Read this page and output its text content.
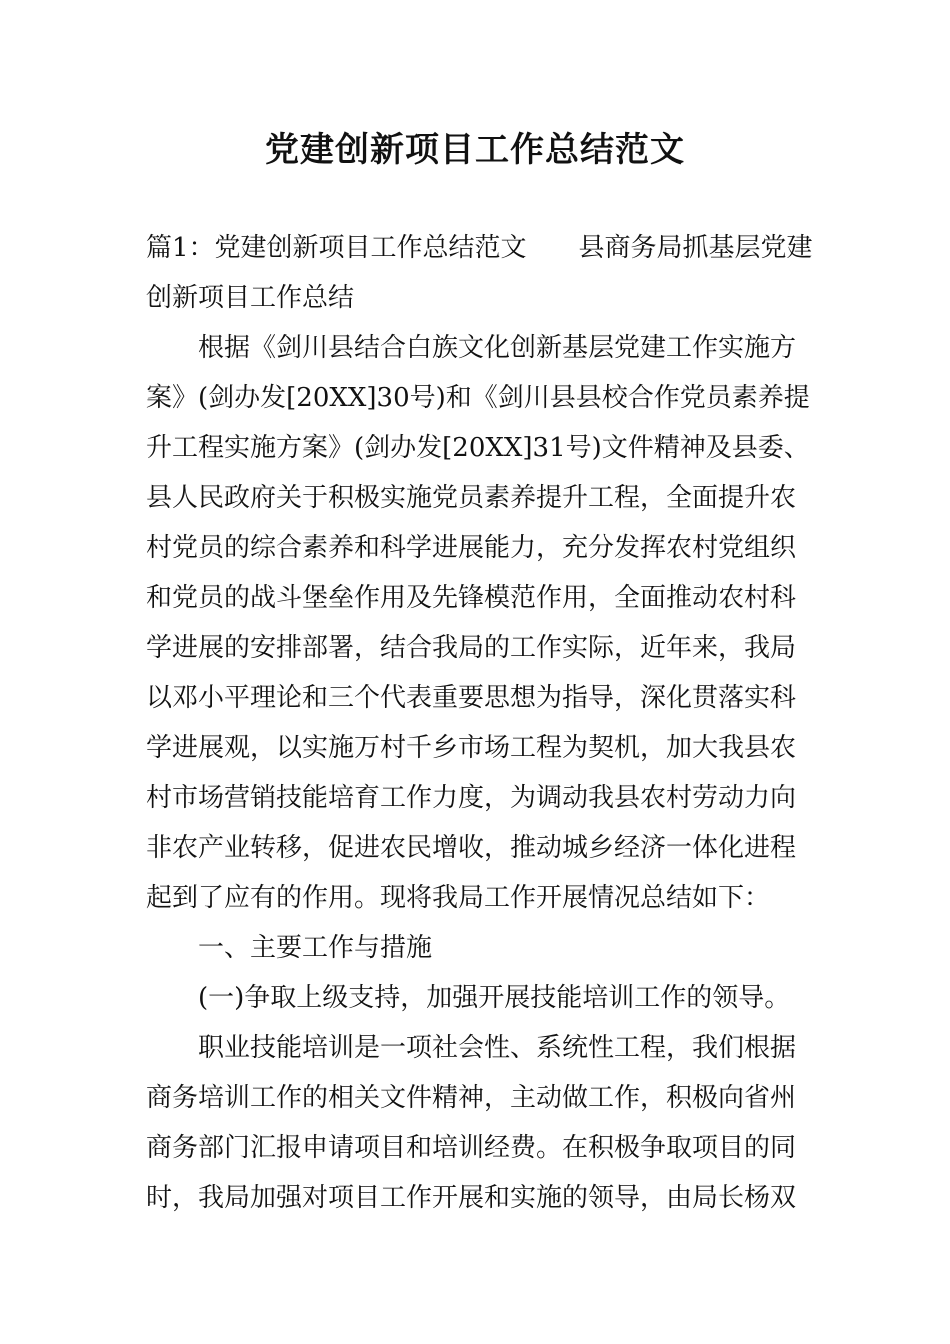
党建创新项目工作总结范文
篇1：党建创新项目工作总结范文　　县商务局抓基层党建
创新项目工作总结
根据《剑川县结合白族文化创新基层党建工作实施方
案》(剑办发[20XX]30号)和《剑川县县校合作党员素养提
升工程实施方案》(剑办发[20XX]31号)文件精神及县委、
县人民政府关于积极实施党员素养提升工程，全面提升农
村党员的综合素养和科学进展能力，充分发挥农村党组织
和党员的战斗堡垒作用及先锋模范作用，全面推动农村科
学进展的安排部署，结合我局的工作实际，近年来，我局
以邓小平理论和三个代表重要思想为指导，深化贯落实科
学进展观，以实施万村千乡市场工程为契机，加大我县农
村市场营销技能培育工作力度，为调动我县农村劳动力向
非农产业转移，促进农民增收，推动城乡经济一体化进程
起到了应有的作用。现将我局工作开展情况总结如下：
一、主要工作与措施
(一)争取上级支持，加强开展技能培训工作的领导。
职业技能培训是一项社会性、系统性工程，我们根据
商务培训工作的相关文件精神，主动做工作，积极向省州
商务部门汇报申请项目和培训经费。在积极争取项目的同
时，我局加强对项目工作开展和实施的领导，由局长杨双
